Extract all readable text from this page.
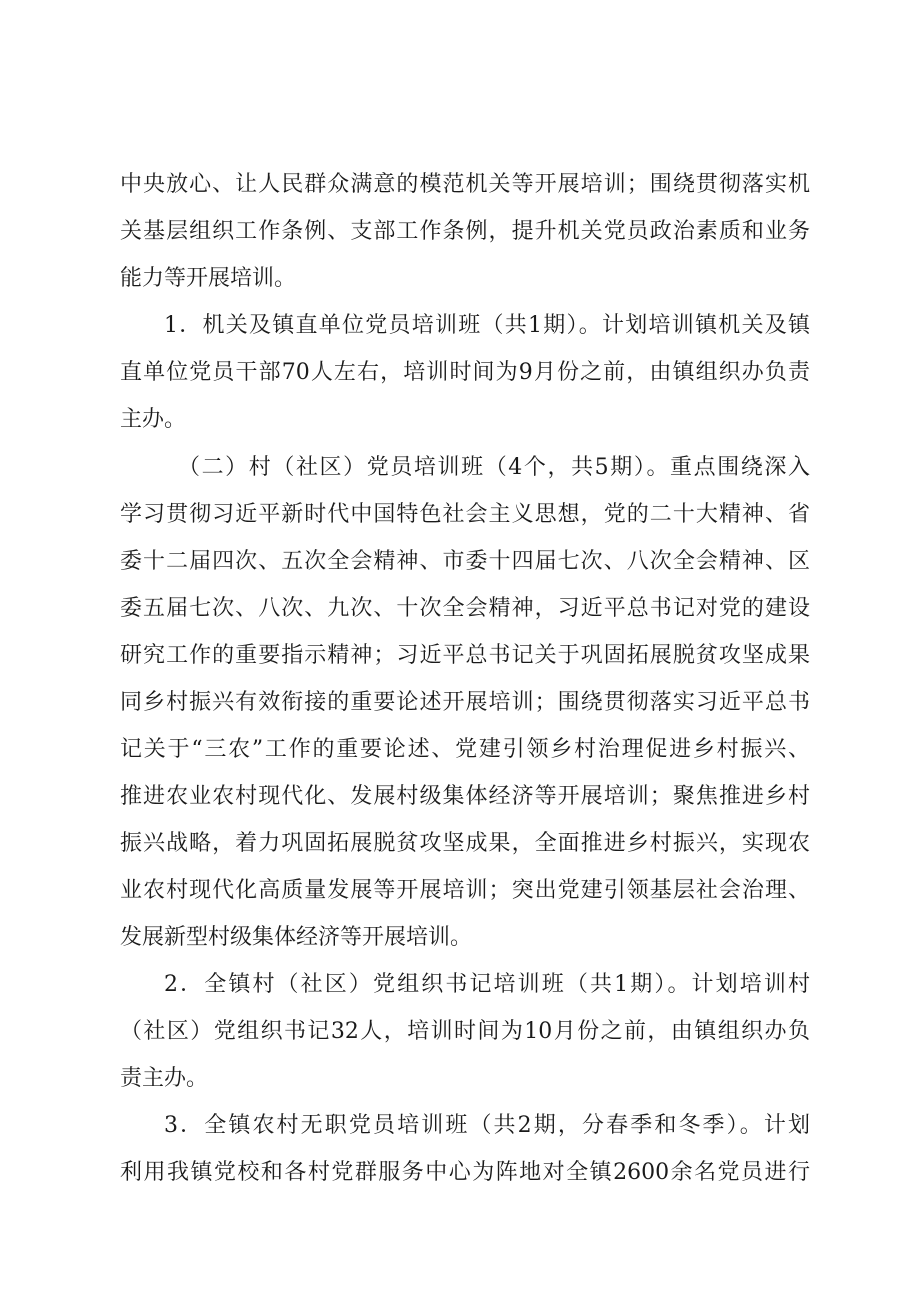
中央放心、让人民群众满意的模范机关等开展培训；围绕贯彻落实机
关基层组织工作条例、支部工作条例，提升机关党员政治素质和业务
能力等开展培训。
1．机关及镇直单位党员培训班（共1期）。计划培训镇机关及镇
直单位党员干部70人左右，培训时间为9月份之前，由镇组织办负责
主办。
（二）村（社区）党员培训班（4个，共5期）。重点围绕深入
学习贯彻习近平新时代中国特色社会主义思想，党的二十大精神、省
委十二届四次、五次全会精神、市委十四届七次、八次全会精神、区
委五届七次、八次、九次、十次全会精神，习近平总书记对党的建设
研究工作的重要指示精神；习近平总书记关于巩固拓展脱贫攻坚成果
同乡村振兴有效衔接的重要论述开展培训；围绕贯彻落实习近平总书
记关于“三农”工作的重要论述、党建引领乡村治理促进乡村振兴、
推进农业农村现代化、发展村级集体经济等开展培训；聚焦推进乡村
振兴战略，着力巩固拓展脱贫攻坚成果，全面推进乡村振兴，实现农
业农村现代化高质量发展等开展培训；突出党建引领基层社会治理、
发展新型村级集体经济等开展培训。
2．全镇村（社区）党组织书记培训班（共1期）。计划培训村
（社区）党组织书记32人，培训时间为10月份之前，由镇组织办负
责主办。
3．全镇农村无职党员培训班（共2期，分春季和冬季）。计划
利用我镇党校和各村党群服务中心为阵地对全镇2600余名党员进行
